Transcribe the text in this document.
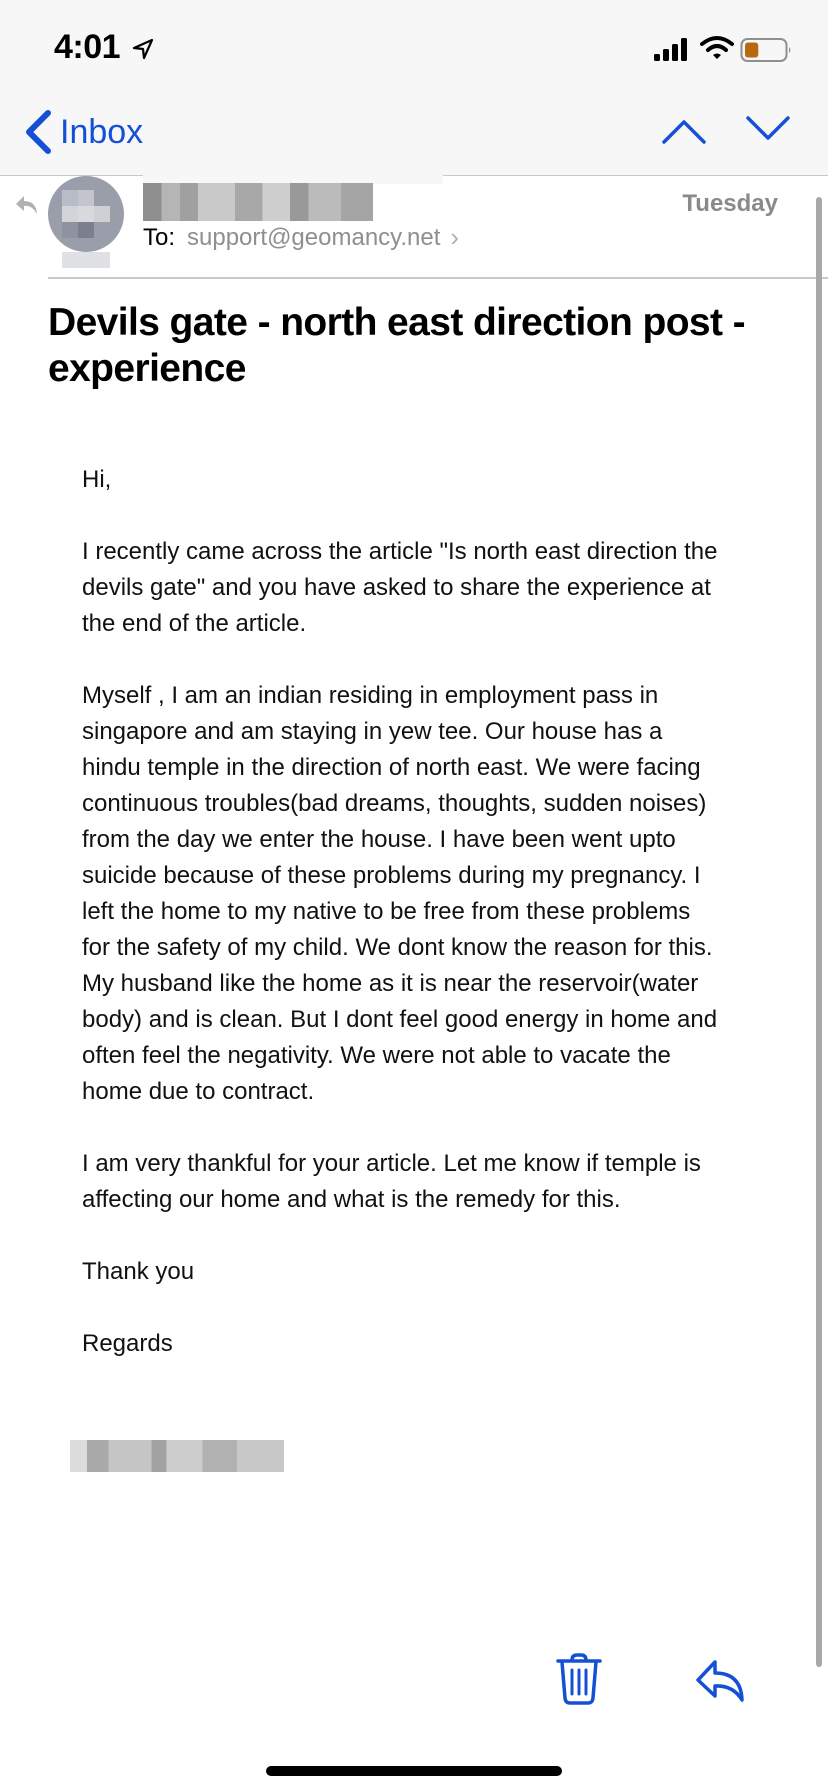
4:01
Inbox
To: support@geomancy.net ›
Tuesday
Devils gate - north east direction post - experience

Hi,

I recently came across the article "Is north east direction the devils gate" and you have asked to share the experience at the end of the article.

Myself , I am an indian residing in employment pass in singapore and am staying in yew tee. Our house has a hindu temple in the direction of north east. We were facing continuous troubles(bad dreams, thoughts, sudden noises) from the day we enter the house. I have been went upto suicide because of these problems during my pregnancy. I left the home to my native to be free from these problems for the safety of my child. We dont know the reason for this. My husband like the home as it is near the reservoir(water body) and is clean. But I dont feel good energy in home and often feel the negativity. We were not able to vacate the home due to contract.

I am very thankful for your article. Let me know if temple is affecting our home and what is the remedy for this.

Thank you

Regards
